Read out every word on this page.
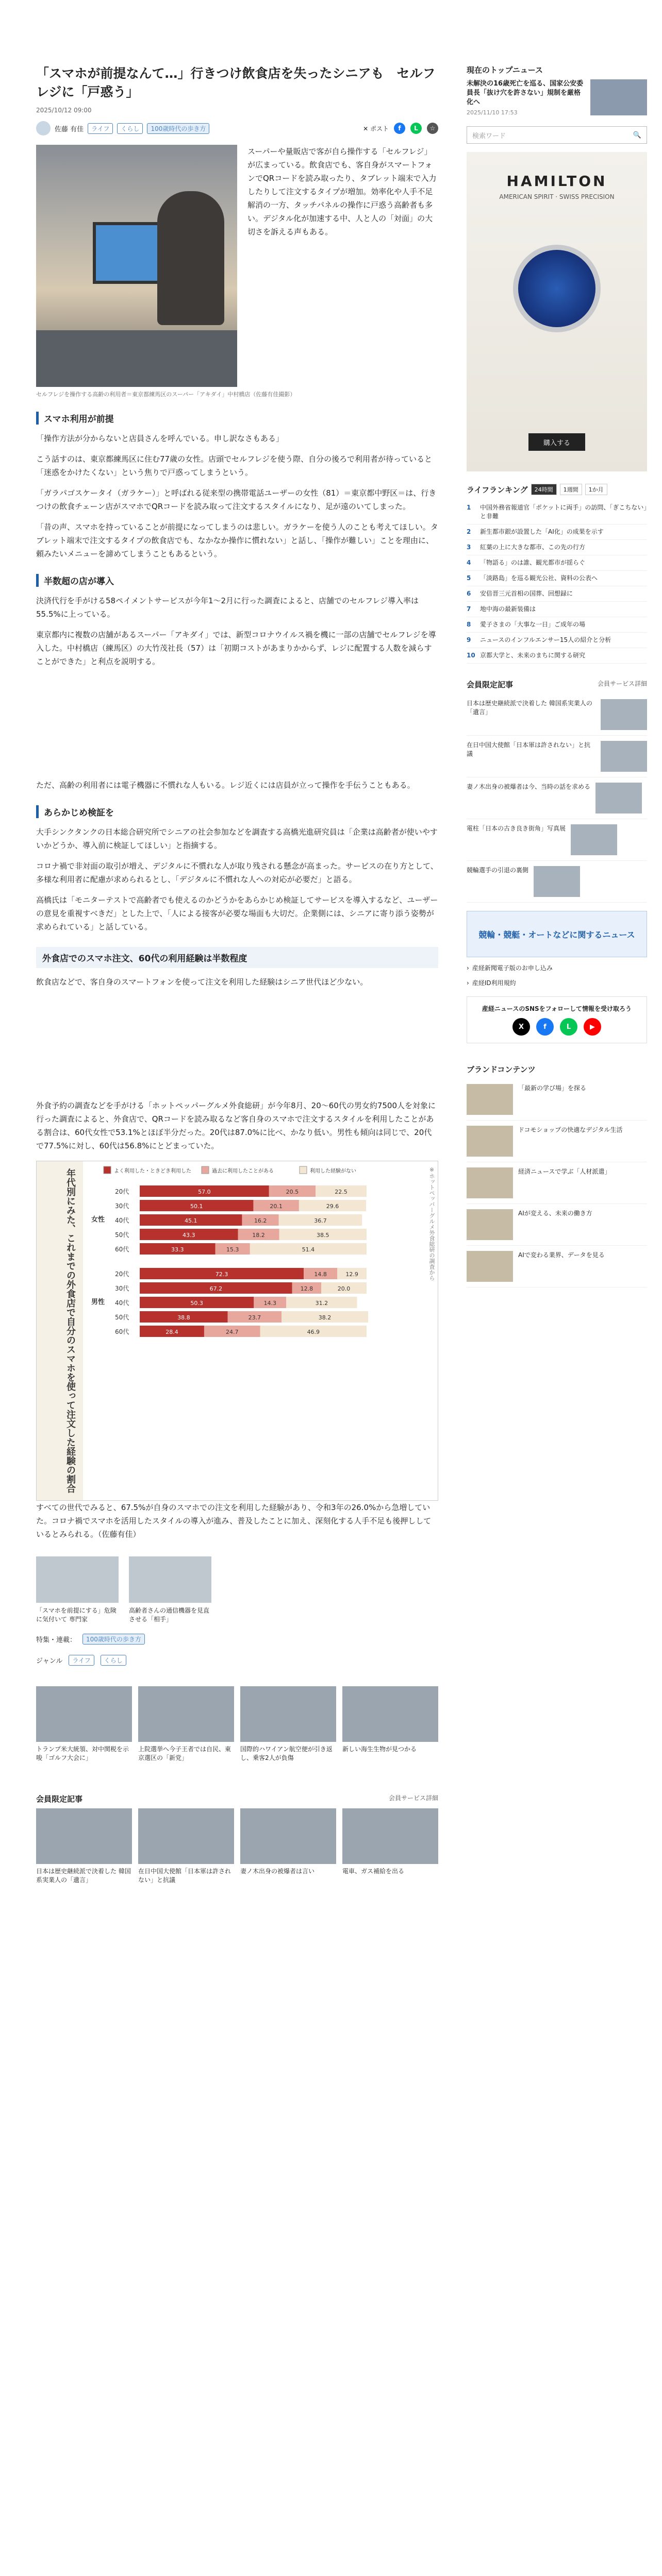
「スマホが前提なんて…」行きつけ飲食店を失ったシニアも　セルフレジに「戸惑う」
2025/10/12 09:00
佐藤 有佳	ライフ	くらし	100歳時代の歩き方	✕ ポスト	f	L	☆

スーパーや量販店で客が自ら操作する「セルフレジ」が広まっている。飲食店でも、客自身がスマートフォンでQRコードを読み取ったり、タブレット端末で入力したりして注文するタイプが増加。効率化や人手不足解消の一方、タッチパネルの操作に戸惑う高齢者も多い。デジタル化が加速する中、人と人の「対面」の大切さを訴える声もある。

セルフレジを操作する高齢の利用者＝東京都練馬区のスーパー「アキダイ」中村橋店（佐藤有佳撮影）
スマホ利用が前提

「操作方法が分からないと店員さんを呼んでいる。申し訳なさもある」

こう話すのは、東京都練馬区に住む77歳の女性。店頭でセルフレジを使う際、自分の後ろで利用者が待っていると「迷惑をかけたくない」という焦りで戸惑ってしまうという。

「ガラパゴスケータイ（ガラケー）」と呼ばれる従来型の携帯電話ユーザーの女性（81）＝東京都中野区＝は、行きつけの飲食チェーン店がスマホでQRコードを読み取って注文するスタイルになり、足が遠のいてしまった。

「昔の声、スマホを持っていることが前提になってしまうのは悲しい。ガラケーを使う人のことも考えてほしい。タブレット端末で注文するタイプの飲食店でも、なかなか操作に慣れない」と話し、「操作が難しい」ことを理由に、頼みたいメニューを諦めてしまうこともあるという。

半数超の店が導入

決済代行を手がける58ペイメントサービスが今年1～2月に行った調査によると、店舗でのセルフレジ導入率は55.5%に上っている。

東京都内に複数の店舗があるスーパー「アキダイ」では、新型コロナウイルス禍を機に一部の店舗でセルフレジを導入した。中村橋店（練馬区）の大竹茂社長（57）は「初期コストがあまりかからず、レジに配置する人数を減らすことができた」と利点を説明する。

ただ、高齢の利用者には電子機器に不慣れな人もいる。レジ近くには店員が立って操作を手伝うこともある。

あらかじめ検証を

大手シンクタンクの日本総合研究所でシニアの社会参加などを調査する高橋光進研究員は「企業は高齢者が使いやすいかどうか、導入前に検証してほしい」と指摘する。

コロナ禍で非対面の取引が増え、デジタルに不慣れな人が取り残される懸念が高まった。サービスの在り方として、多様な利用者に配慮が求められるとし、「デジタルに不慣れな人への対応が必要だ」と語る。

高橋氏は「モニターテストで高齢者でも使えるのかどうかをあらかじめ検証してサービスを導入するなど、ユーザーの意見を重視すべきだ」とした上で、「人による接客が必要な場面も大切だ。企業側には、シニアに寄り添う姿勢が求められている」と話している。

外食店でのスマホ注文、60代の利用経験は半数程度

飲食店などで、客自身のスマートフォンを使って注文を利用した経験はシニア世代ほど少ない。

外食予約の調査などを手がける「ホットペッパーグルメ外食総研」が今年8月、20～60代の男女約7500人を対象に行った調査によると、外食店で、QRコードを読み取るなど客自身のスマホで注文するスタイルを利用したことがある割合は、60代女性で53.1%とほぼ半分だった。20代は87.0%に比べ、かなり低い。男性も傾向は同じで、20代で77.5%に対し、60代は56.8%にとどまっていた。

年代別にみた、これまでの外食店で自分のスマホを使って注文した経験の割合	よく利用した・ときどき利用した	過去に利用したことがある	利用した経験がない
女性
20代	57.0	20.5	22.5
30代	50.1	20.1	29.6
40代	45.1	16.2	36.7
50代	43.3	18.2	38.5
60代	33.3	15.3	51.4
男性
20代	72.3	14.8	12.9
30代	67.2	12.8	20.0
40代	50.3	14.3	31.2
50代	38.8	23.7	38.2
60代	28.4	24.7	46.9
※ホットペッパーグルメ外食総研の調査から

すべての世代でみると、67.5%が自身のスマホでの注文を利用した経験があり、令和3年の26.0%から急増していた。コロナ禍でスマホを活用したスタイルの導入が進み、普及したことに加え、深刻化する人手不足も後押ししているとみられる。（佐藤有佳）

「スマホを前提にする」危険に気付いて 専門家
高齢者さんの通信機器を見直させる「相手」
特集・連載：	100歳時代の歩き方
ジャンル	ライフ	くらし
トランプ米大統領、対中関税を示唆「ゴルフ大会に」
上院選挙へ今子王者では自民、東京選区の「新党」
国際的ハワイアン航空便が引き返し、乗客2人が負傷
新しい海生生物が見つかる
会員限定記事	会員サービス詳細
日本は歴史継続派で決着した 韓国系実業人の「遺言」
在日中国大使館「日本軍は許されない」と抗議
妻ノ木出身の被爆者は言い	電車、ガス補給を出る
現在のトップニュース
未解決の16歳死亡を巡る、国家公安委員長「抜け穴を許さない」規制を厳格化へ
2025/11/10 17:53
検索ワード	🔍
HAMILTON
AMERICAN SPIRIT · SWISS PRECISION
購入する
ライフランキング	24時間	1週間	1か月
1	中国外務省報道官「ポケットに両手」の訪問、「ぎこちない」と非難
2	新生都市銀が設置した「AI化」の成果を示す
3	紅葉の上に大きな都市、この先の行方
4	「物語る」のは誰、観光都市が揺らぐ
5	「淡路島」を巡る観光公社、資料の公表へ
6	安倍晋三元首相の国葬、回想録に
7	地中海の最新装備は
8	愛子さまの「大事な一日」ご成年の場
9	ニュースのインフルエンサー15人の紹介と分析
10 京都大学と、未来のまちに関する研究
会員限定記事	会員サービス詳細
日本は歴史継続派で決着した 韓国系実業人の「遺言」
在日中国大使館「日本軍は許されない」と抗議
妻ノ木出身の被爆者は今、当時の話を求める
電柱「日本の古き良き街角」写真展
競輪選手の引退の裏側
競輪・競艇・オートなどに関するニュース
› 産経新聞電子版のお申し込み
› 産経ID利用規約
産経ニュースのSNSをフォローして情報を受け取ろう
X	f	L	▶
ブランドコンテンツ
「最新の学び場」を探る
ドコモショップの快適なデジタル生活
経済ニュースで学ぶ「人材派遣」
AIが変える、未来の働き方
AIで変わる業界、データを見る
